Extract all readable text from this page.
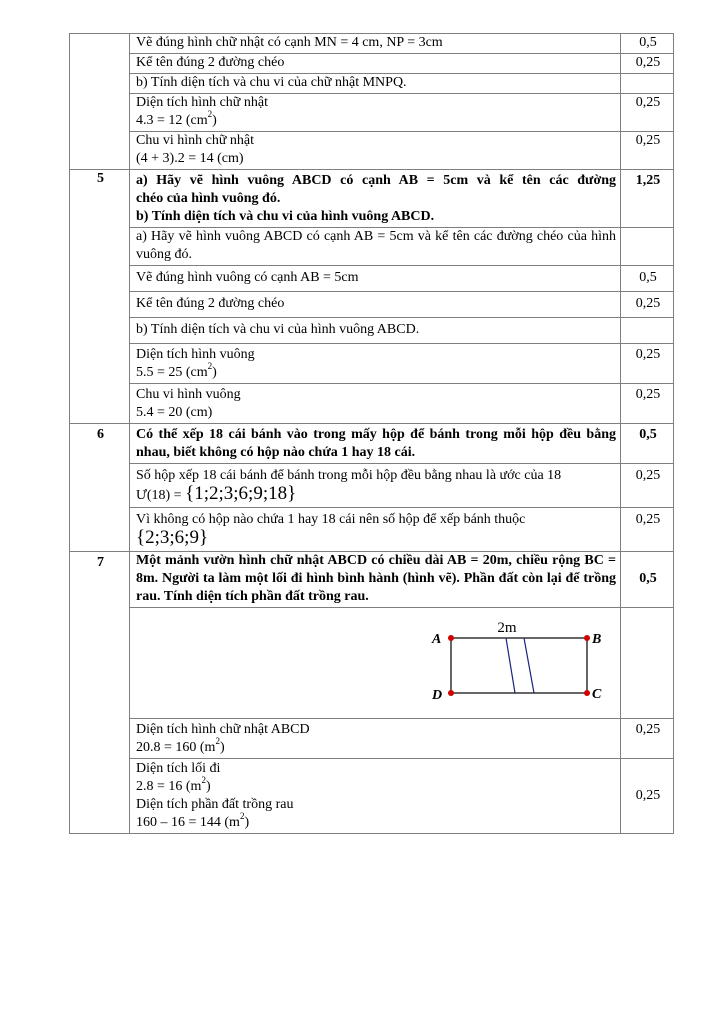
	Vẽ đúng hình chữ nhật có cạnh MN = 4 cm, NP = 3cm	0,5
	Kể tên đúng 2 đường chéo	0,25
	b) Tính diện tích và chu vi của chữ nhật MNPQ.	

	Diện tích hình chữ nhật
4.3 = 12 $(cm^2)$	0,25

	Chu vi hình chữ nhật
(4 + 3).2 = 14 (cm)	0,25
5	a) Hãy vẽ hình vuông ABCD có cạnh AB = 5cm và kể tên các đường
chéo của hình vuông đó.
b) Tính diện tích và chu vi của hình vuông ABCD.	1,25
	a) Hãy vẽ hình vuông ABCD có cạnh AB = 5cm và kể tên các đường chéo của hình vuông đó.	
	Vẽ đúng hình vuông có cạnh AB = 5cm	0,5
	Kể tên đúng 2 đường chéo	0,25
	b) Tính diện tích và chu vi của hình vuông ABCD.	

	Diện tích hình vuông
5.5 = 25 $(cm^2)$	0,25

	Chu vi hình vuông
5.4 = 20 (cm)	0,25
6	Có thể xếp 18 cái bánh vào trong mấy hộp để bánh trong mỗi hộp đều bằng nhau, biết không có hộp nào chứa 1 hay 18 cái.	0,5

	Số hộp xếp 18 cái bánh để bánh trong mỗi hộp đều bằng nhau là ước của 18
Ư(18) = {1;2;3;6;9;18}	0,25

	Vì không có hộp nào chứa 1 hay 18 cái nên số hộp để xếp bánh thuộc
{2;3;6;9}	0,25
7	Một mảnh vườn hình chữ nhật ABCD có chiều dài AB = 20m, chiều rộng BC = 8m. Người ta làm một lối đi hình bình hành (hình vẽ). Phần đất còn lại để trồng rau. Tính diện tích phần đất trồng rau.	0,5

2m
A B
C
D	

	Diện tích hình chữ nhật ABCD
20.8 = 160 $(m^2)$	0,25

	Diện tích lối đi
2.8 = 16 $(m^2)$
Diện tích phần đất trồng rau
160 – 16 = 144 $(m^2)$	0,25
